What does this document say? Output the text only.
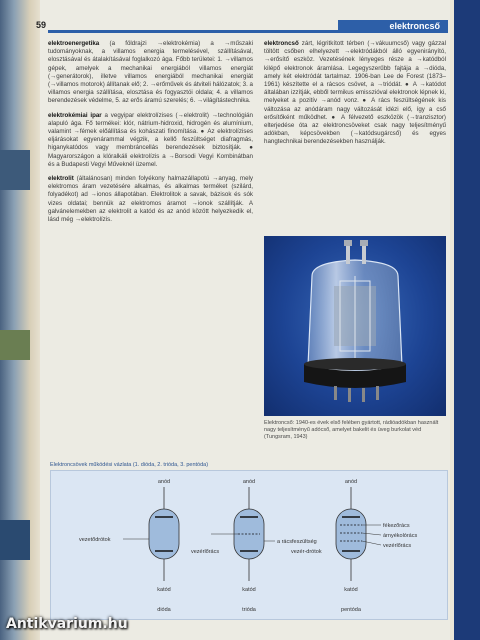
59	elektroncső

elektroenergetika (a földrajzi →elektrokémia) a →műszaki tudományoknak, a villamos energia termelésével, szállításával, elosztásával és átalakításával foglalkozó ága. Főbb területei: 1. →villamos gépek, amelyek a mechanikai energiából villamos energiát (→generátorok), illetve villamos energiából mechanikai energiát (→villamos motorok) állítanak elő; 2. →erőművek és átviteli hálózatok; 3. a villamos energia szállítása, elosztása és fogyasztói oldala; 4. a villamos berendezések védelme, 5. az erős áramú szerelés; 6. →világítástechnika.

elektrokémiai ipar a vegyipar elektrolízises (→elektrolit) →technológián alapuló ága. Fő termékei: klór, nátrium-hidroxid, hidrogén és alumínium, valamint →fémek előállítása és kohászati finomítása. ● Az elektrolízises eljárásokat egyenárammal végzik, a kellő feszültséget diafragmás, higanykatódos vagy membráncellás berendezések biztosítják. ● Magyarországon a klóralkáli elektrolízis a →Borsodi Vegyi Kombinátban és a Budapesti Vegyi Műveknél üzemel.

elektrolit (általánosan) minden folyékony halmazállapotú →anyag, mely elektromos áram vezetésére alkalmas, és alkalmas terméket (szilárd, folyadékot) ad →ionos állapotában. Elektrolitok a savak, bázisok és sók vizes oldatai; bennük az elektromos áramot →ionok szállítják. A galvánelemekben az elektrolit a katód és az anód között helyezkedik el, lásd még →elektrolízis.

elektroncső zárt, légritkított térben (→vákuumcső) vagy gázzal töltött csőben elhelyezett →elektródákból álló egyenirányító, →erősítő eszköz. Vezetésének lényeges része a →katódból kilépő elektronok áramlása. Legegyszerűbb fajtája a →dióda, amely két elektródát tartalmaz. 1906-ban Lee de Forest (1873–1961) készítette el a rácsos csövet, a →triódát. ● A →katódot általában izzítják, ebből termikus emisszióval elektronok lépnek ki, melyeket a pozitív →anód vonz. ● A rács feszültségének kis változása az anódáram nagy változását idézi elő, így a cső erősítőként működhet. ● A félvezető eszközök (→tranzisztor) elterjedése óta az elektroncsöveket csak nagy teljesítményű adókban, képcsövekben (→katódsugárcső) és egyes hangtechnikai berendezésekben használják.

Elektroncső: 1940-es évek első felében gyártott, rádióadókban használt nagy teljesítményű adócső, amelyet bakelit és üveg burkolat véd (Tungsram, 1943)
Elektroncsövek működési vázlata (1. dióda, 2. trióda, 3. pentóda)
anód
katód
dióda
vezetődrótok
anód
katód
trióda
vezérlőrács
a rácsfeszültség
anód
katód
pentóda
vezér-drótok
fékezőrács
árnyékolórács
vezérlőrács
Antikvarium.hu
